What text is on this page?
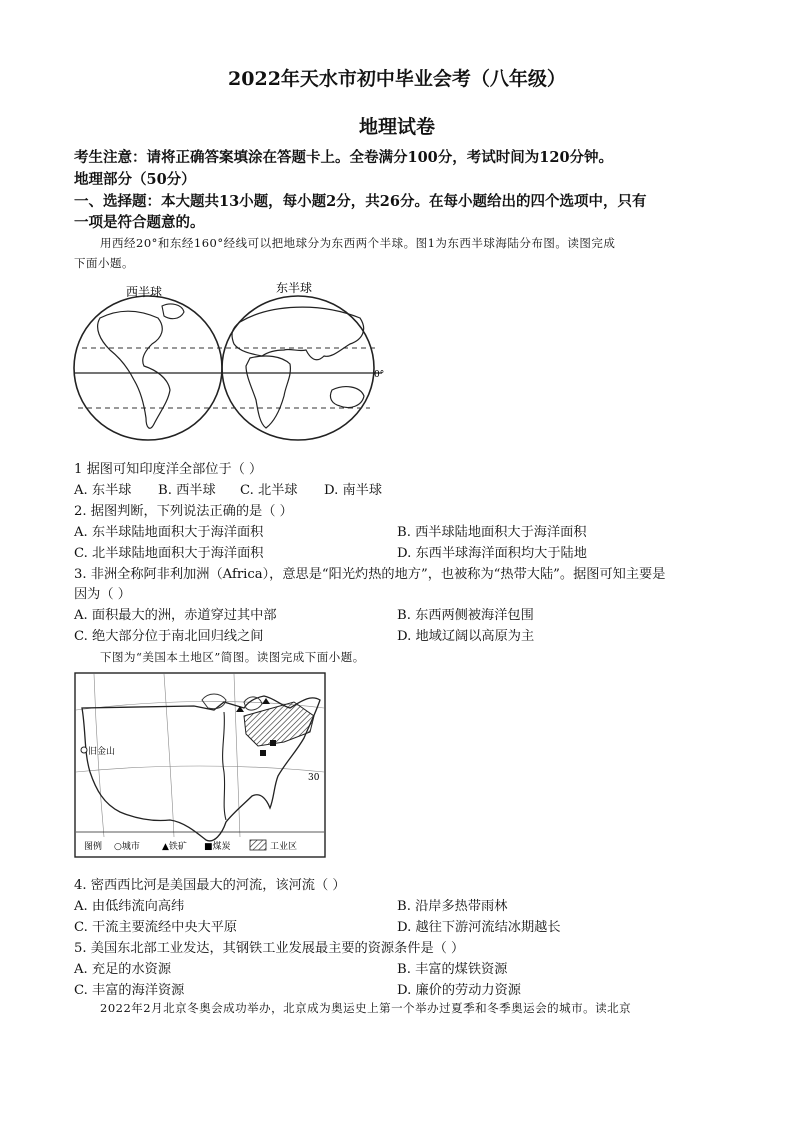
2022年天水市初中毕业会考（八年级）
地理试卷
考生注意：请将正确答案填涂在答题卡上。全卷满分100分，考试时间为120分钟。
地理部分（50分）
一、选择题：本大题共13小题，每小题2分，共26分。在每小题给出的四个选项中，只有
一项是符合题意的。
用西经20°和东经160°经线可以把地球分为东西两个半球。图1为东西半球海陆分布图。读图完成
下面小题。
西半球	东半球
0°
1 据图可知印度洋全部位于（ ）
A. 东半球 B. 西半球 C. 北半球 D. 南半球
2. 据图判断，下列说法正确的是（ ）
A. 东半球陆地面积大于海洋面积	B. 西半球陆地面积大于海洋面积
C. 北半球陆地面积大于海洋面积	D. 东西半球海洋面积均大于陆地
3. 非洲全称阿非利加洲（Africa），意思是“阳光灼热的地方”，也被称为“热带大陆”。据图可知主要是
因为（ ）
A. 面积最大的洲，赤道穿过其中部	B. 东西两侧被海洋包围
C. 绝大部分位于南北回归线之间	D. 地域辽阔以高原为主
下图为“美国本土地区”简图。读图完成下面小题。
旧金山
30
图例 ○城市 ▲铁矿 ■煤炭	工业区
4. 密西西比河是美国最大的河流，该河流（ ）
A. 由低纬流向高纬	B. 沿岸多热带雨林
C. 干流主要流经中央大平原	D. 越往下游河流结冰期越长
5. 美国东北部工业发达，其钢铁工业发展最主要的资源条件是（ ）
A. 充足的水资源	B. 丰富的煤铁资源
C. 丰富的海洋资源	D. 廉价的劳动力资源
2022年2月北京冬奥会成功举办，北京成为奥运史上第一个举办过夏季和冬季奥运会的城市。读北京
